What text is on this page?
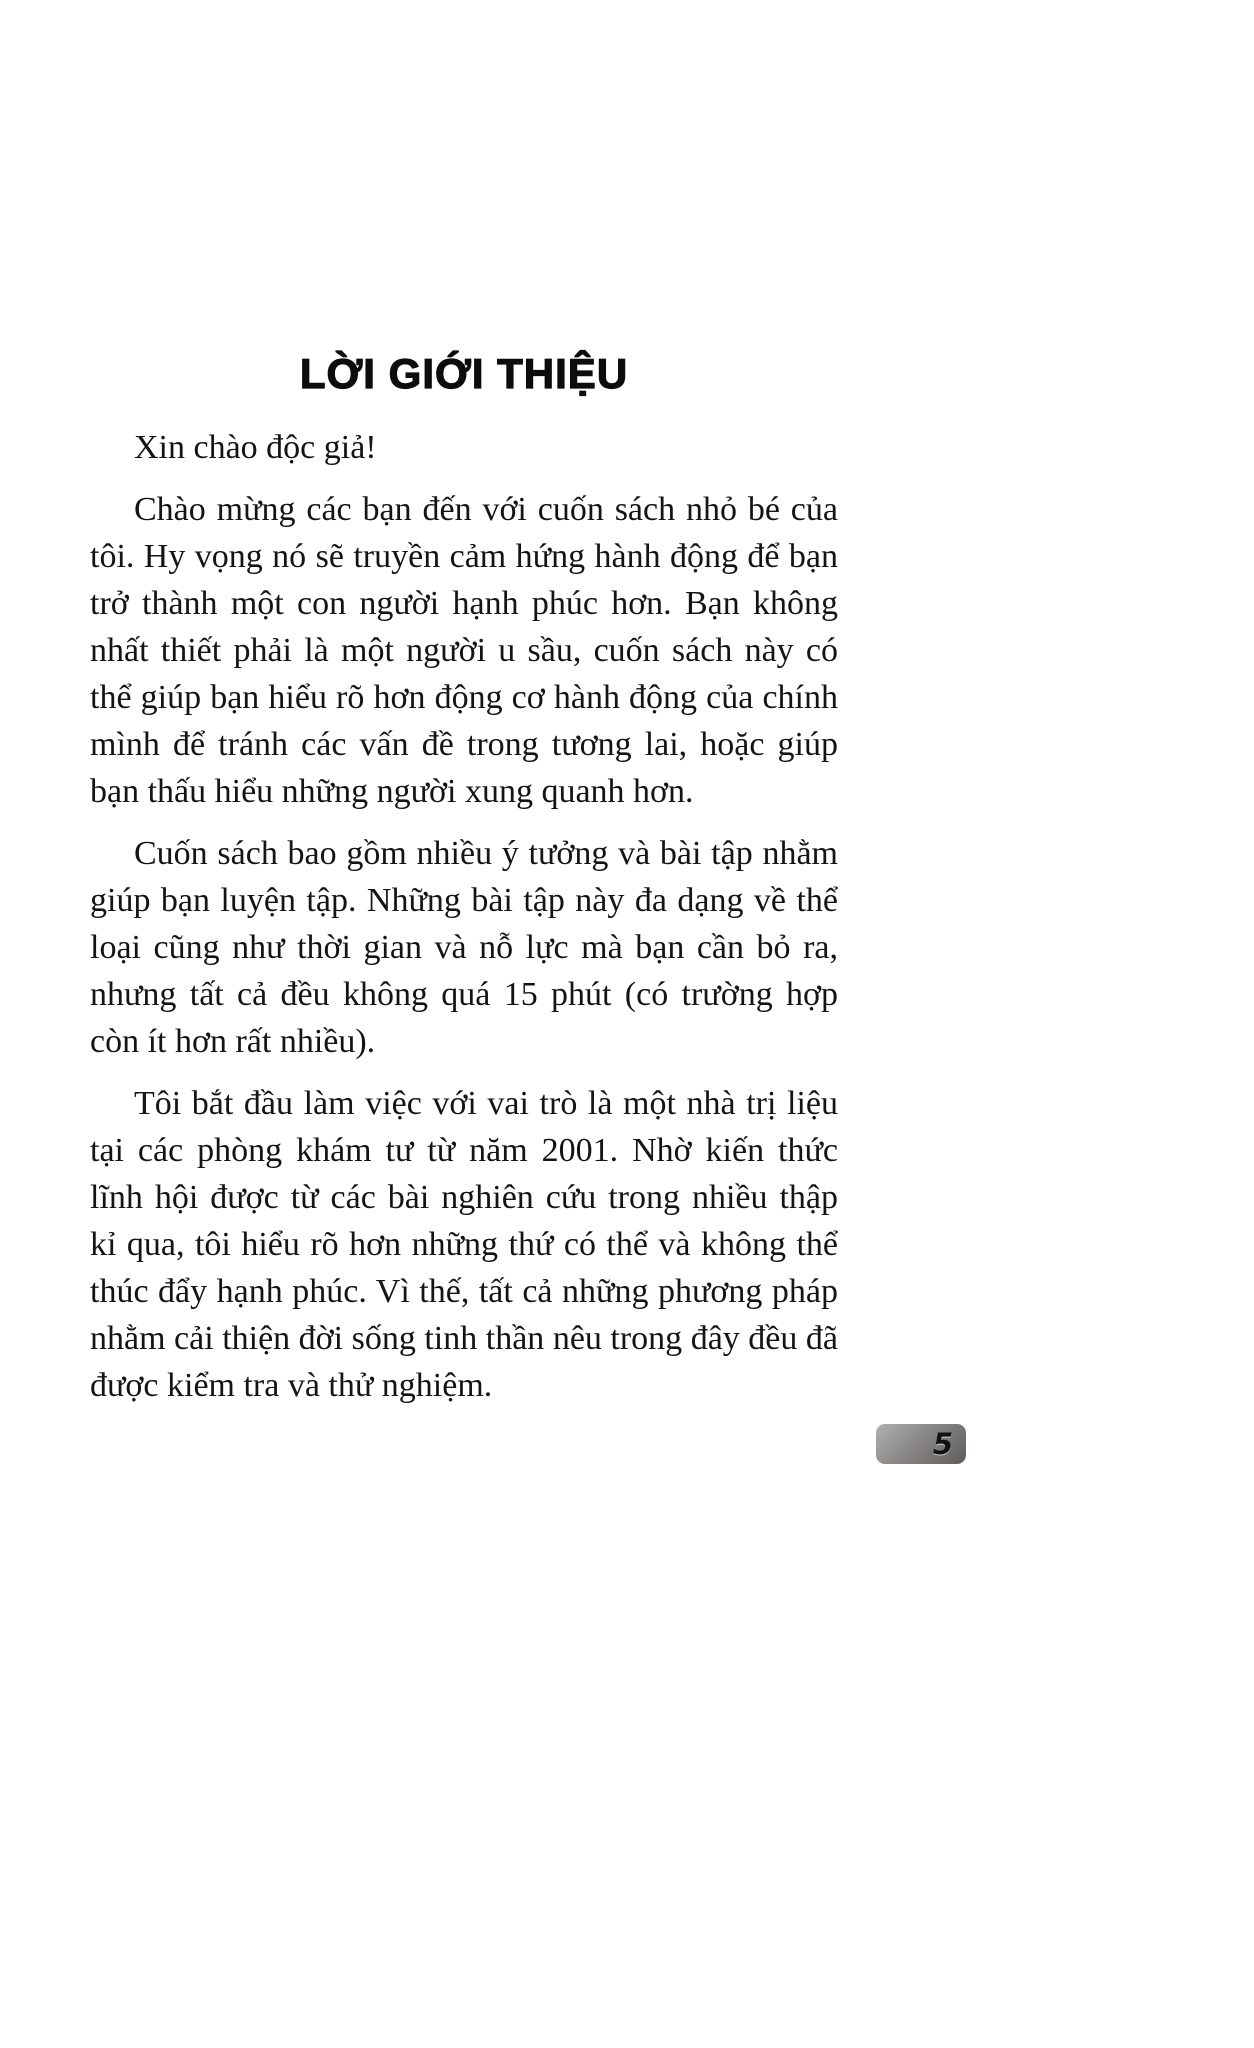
LỜI GIỚI THIỆU

Xin chào độc giả!

Chào mừng các bạn đến với cuốn sách nhỏ bé của tôi. Hy vọng nó sẽ truyền cảm hứng hành động để bạn trở thành một con người hạnh phúc hơn. Bạn không nhất thiết phải là một người u sầu, cuốn sách này có thể giúp bạn hiểu rõ hơn động cơ hành động của chính mình để tránh các vấn đề trong tương lai, hoặc giúp bạn thấu hiểu những người xung quanh hơn.

Cuốn sách bao gồm nhiều ý tưởng và bài tập nhằm giúp bạn luyện tập. Những bài tập này đa dạng về thể loại cũng như thời gian và nỗ lực mà bạn cần bỏ ra, nhưng tất cả đều không quá 15 phút (có trường hợp còn ít hơn rất nhiều).

Tôi bắt đầu làm việc với vai trò là một nhà trị liệu tại các phòng khám tư từ năm 2001. Nhờ kiến thức lĩnh hội được từ các bài nghiên cứu trong nhiều thập kỉ qua, tôi hiểu rõ hơn những thứ có thể và không thể thúc đẩy hạnh phúc. Vì thế, tất cả những phương pháp nhằm cải thiện đời sống tinh thần nêu trong đây đều đã được kiểm tra và thử nghiệm.

5
